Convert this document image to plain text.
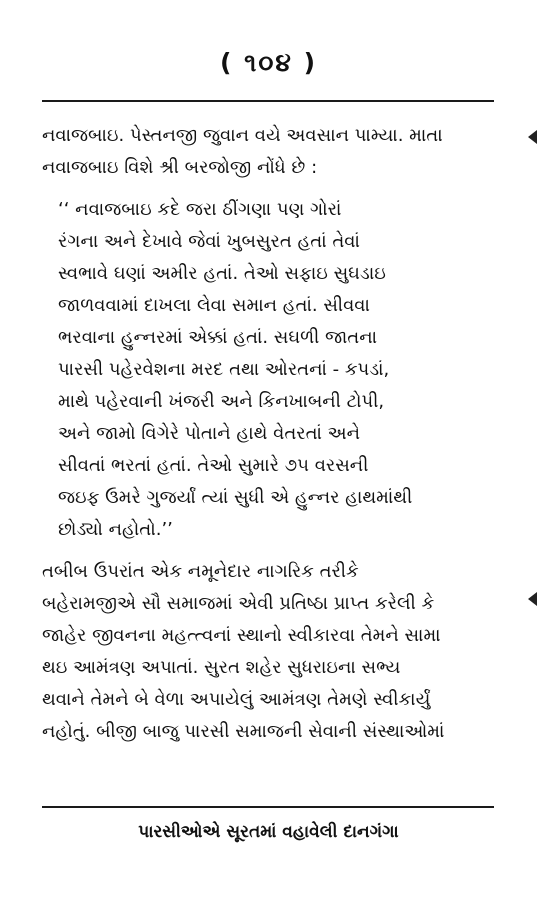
( ૧૦૪ )
નવાજબાઇ. પેસ્તનજી જુવાન વયે અવસાન પામ્યા. માતા
નવાજબાઇ વિશે શ્રી બરજોજી નોંધે છે :
‘‘ નવાજબાઇ કદે જરા ઠીંગણા પણ ગોરાં
રંગના અને દેખાવે જેવાં ખુબસુરત હતાં તેવાં
સ્વભાવે ઘણાં અમીર હતાં. તેઓ સફાઇ સુઘડાઇ
જાળવવામાં દાખલા લેવા સમાન હતાં. સીવવા
ભરવાના હુન્નરમાં એક્કાં હતાં. સઘળી જાતના
પારસી પહેરવેશના મરદ તથા ઓરતનાં - કપડાં,
માથે પહેરવાની ખંજરી અને કિનખાબની ટોપી,
અને જામો વિગેરે પોતાને હાથે વેતરતાં અને
સીવતાં ભરતાં હતાં. તેઓ સુમારે ૭૫ વરસની
જઇફ ઉમરે ગુજર્યાં ત્યાં સુધી એ હુન્નર હાથમાંથી
છોડ્યો નહોતો.’’
તબીબ ઉપરાંત એક નમૂનેદાર નાગરિક તરીકે
બહેરામજીએ સૌ સમાજમાં એવી પ્રતિષ્ઠા પ્રાપ્ત કરેલી કે
જાહેર જીવનના મહત્ત્વનાં સ્થાનો સ્વીકારવા તેમને સામા
થઇ આમંત્રણ અપાતાં. સુરત શહેર સુધરાઇના સભ્ય
થવાને તેમને બે વેળા અપાયેલું આમંત્રણ તેમણે સ્વીકાર્યું
નહોતું. બીજી બાજુ પારસી સમાજની સેવાની સંસ્થાઓમાં
પારસીઓએ સૂરતમાં વહાવેલી દાનગંગા
